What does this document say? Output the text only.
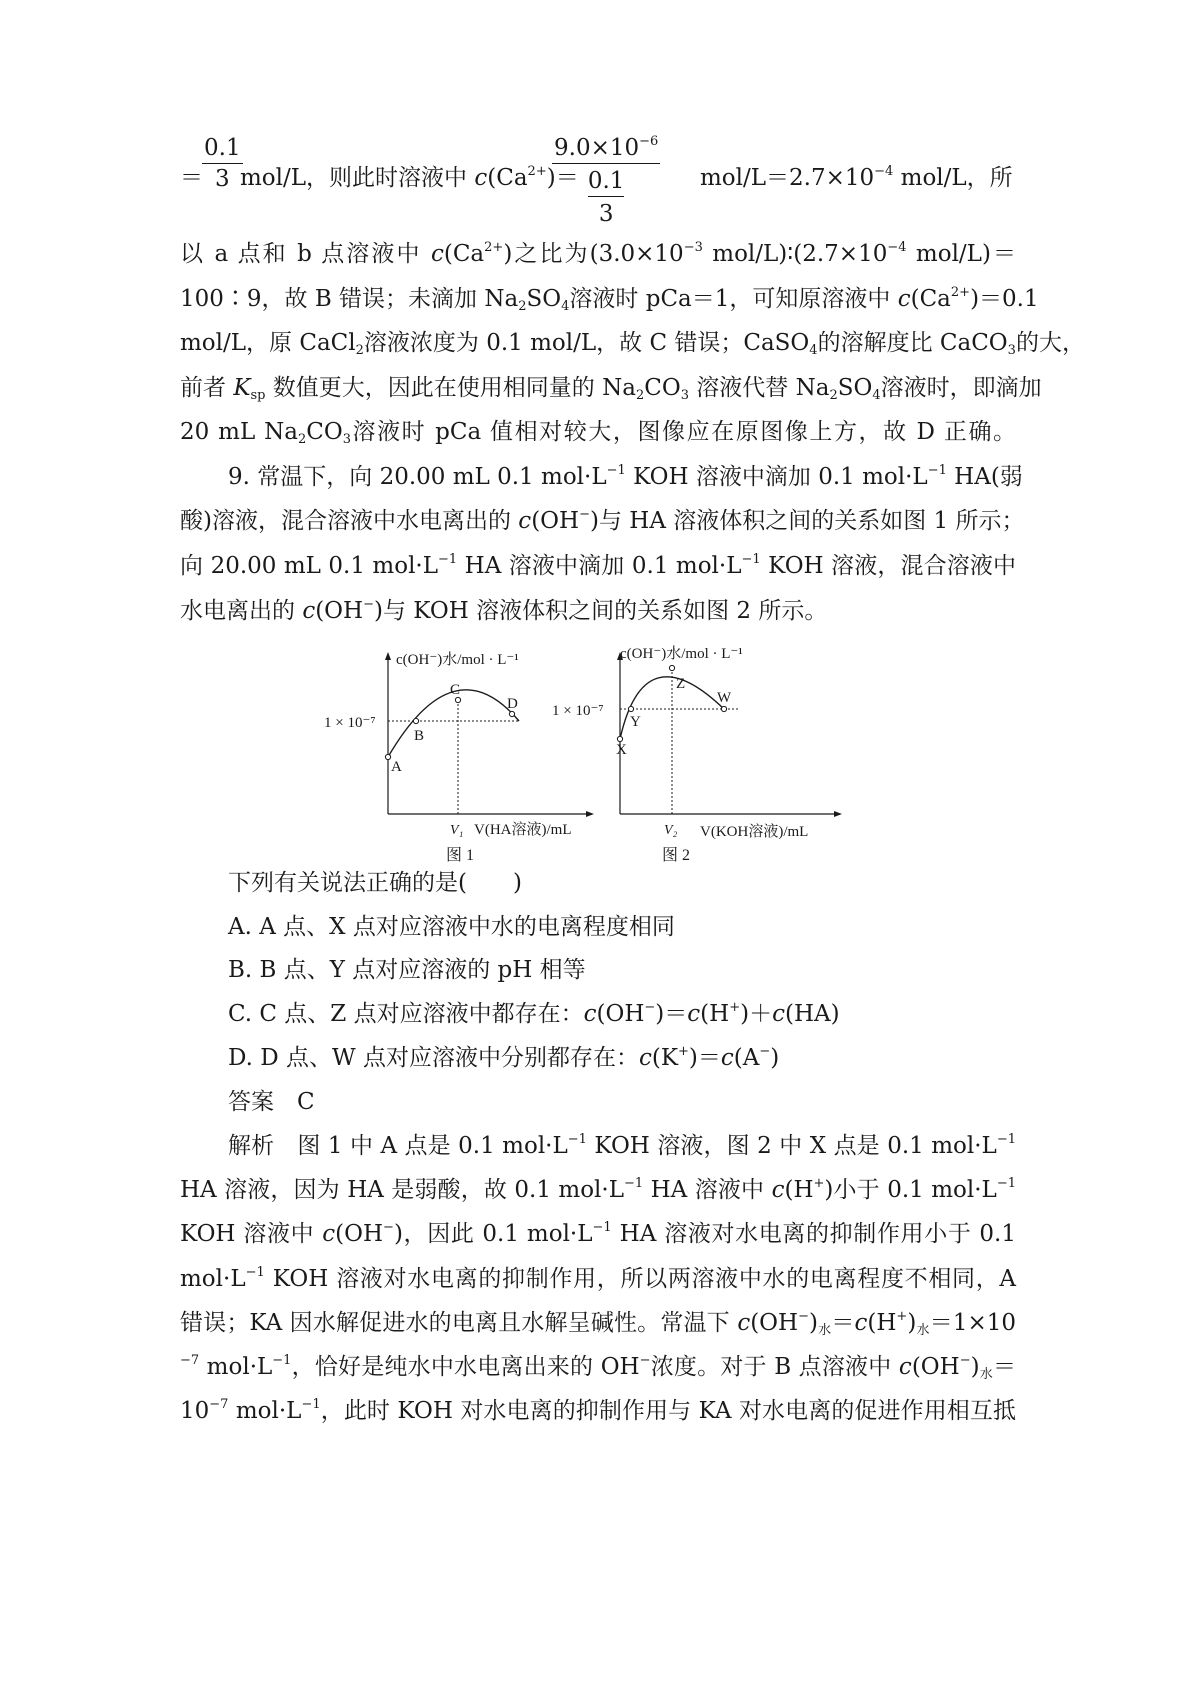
＝ $\frac{0.1}{3}$
mol/L，则此时溶液中 $c(Ca^{2+})=$
$9.0\times 10^{-6}$
0.1
3 mol/$L=2.7\times 10^{-4}$ mol/L，所
以 a 点和 b 点溶液中 $c(Ca^{2+})$之比为($3.0\times 10^{-3}$ mol/$L)∶(2.7\times 10^{-4}$ mol/L)＝
100∶9，故 B 错误；未滴加 $Na_2SO_4$溶液时 pCa＝1，可知原溶液中 $c(Ca^{2+})=0.1$
mol/L，原 CaCl$_2$溶液浓度为 0.1 mol/L，故 C 错误；CaSO$_4$的溶解度比 CaCO$_3$的大，
前者 $K_{sp}$ 数值更大，因此在使用相同量的 $Na_2CO_3$ 溶液代替 $Na_2SO_4$溶液时，即滴加
20 mL $Na_2CO_3$溶液时 pCa 值相对较大，图像应在原图像上方，故 D 正确。
9. 常温下，向 20.00 mL 0.1 $mol\cdot L^{-1}$ KOH 溶液中滴加 0.1 $mol\cdot L^{-1}$ HA(弱
酸)溶液，混合溶液中水电离出的 c(OH−)与 HA 溶液体积之间的关系如图 1 所示；
向 20.00 mL 0.1 $mol\cdot L^{-1}$ HA 溶液中滴加 0.1 $mol\cdot L^{-1}$ KOH 溶液，混合溶液中
水电离出的 c(OH−)与 KOH 溶液体积之间的关系如图 2 所示。
A
B
C
D
c(OH⁻)水/mol · L⁻¹
1 × 10⁻⁷
V₁ V(HA溶液)/mL
图 1
X
Y
Z
W
c(OH⁻)水/mol · L⁻¹
1 × 10⁻⁷
V₂ V(KOH溶液)/mL
图 2
下列有关说法正确的是(　　)
A. A 点、X 点对应溶液中水的电离程度相同
B. B 点、Y 点对应溶液的 pH 相等
C. C 点、Z 点对应溶液中都存在：c(OH−)＝c(H+)＋c(HA)
D. D 点、W 点对应溶液中分别都存在：c(K+)＝c(A−)
答案　C
解析　图 1 中 A 点是 0.1 $mol\cdot L^{-1}$ KOH 溶液，图 2 中 X 点是 0.1 $mol\cdot L^{-1}$
HA 溶液，因为 HA 是弱酸，故 0.1 $mol\cdot L^{-1}$ HA 溶液中 c(H+)小于 0.1 $mol\cdot L^{-1}$
KOH 溶液中 c(OH−)，因此 0.1 $mol\cdot L^{-1}$ HA 溶液对水电离的抑制作用小于 0.1
$mol\cdot L^{-1}$ KOH 溶液对水电离的抑制作用，所以两溶液中水的电离程度不相同，A
错误；KA 因水解促进水的电离且水解呈碱性。常温下 $c(OH^-)_水=c(H^+)_水=1\times 10$
$^{-7}$ $mol\cdot L^{-1}$，恰好是纯水中水电离出来的 OH−浓度。对于 B 点溶液中 $c(OH^-)_水=$
$10^{-7}$ $mol\cdot L^{-1}$，此时 KOH 对水电离的抑制作用与 KA 对水电离的促进作用相互抵
